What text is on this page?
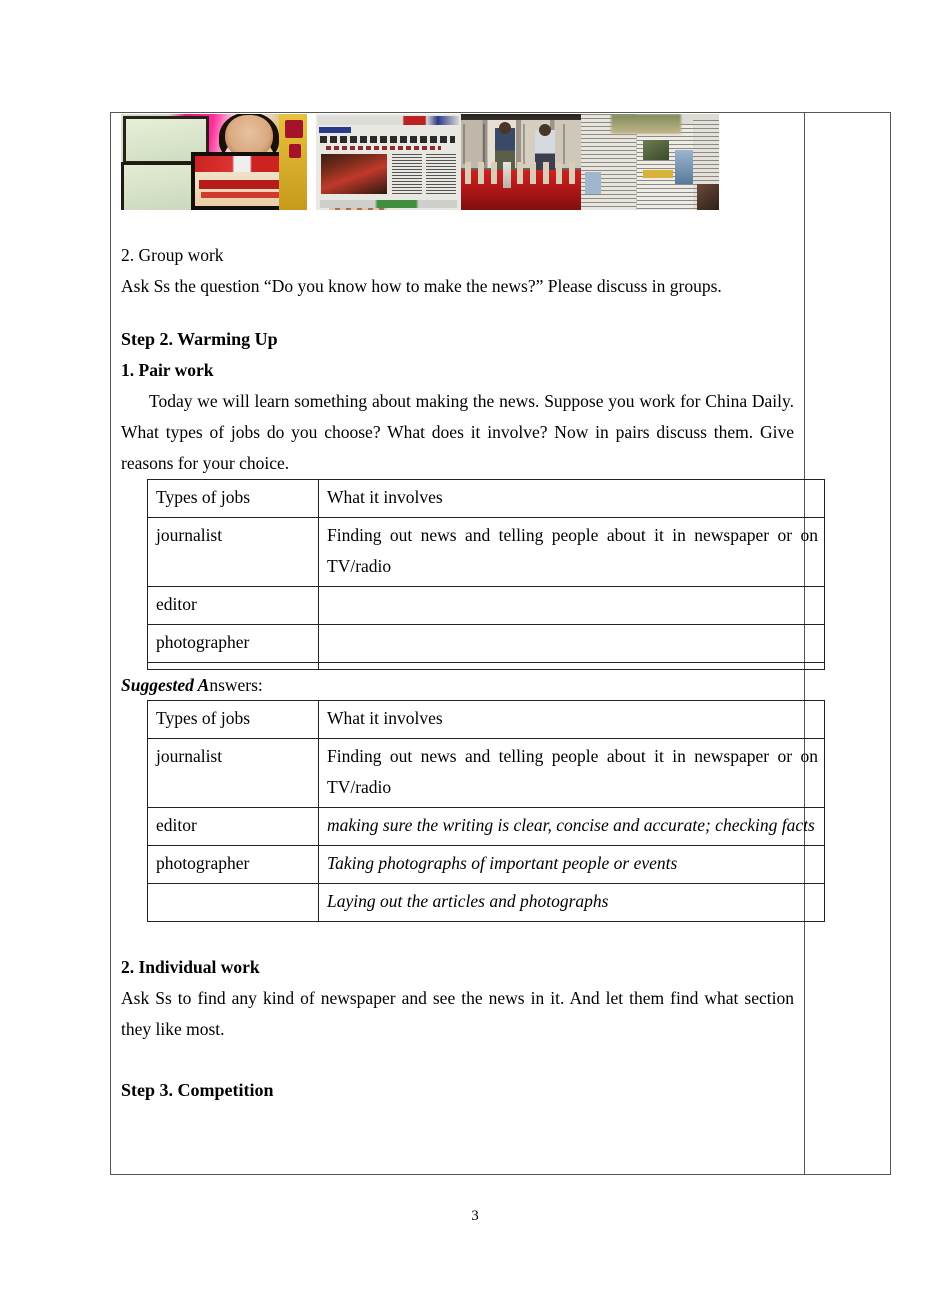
2. Group work

Ask Ss the question “Do you know how to make the news?” Please discuss in groups.

Step 2. Warming Up

1. Pair work

Today we will learn something about making the news. Suppose you work for China Daily. What types of jobs do you choose? What does it involve? Now in pairs discuss them. Give reasons for your choice.

Types of jobs	What it involves
journalist	Finding out news and telling people about it in newspaper or on TV/radio
editor	
photographer	

Suggested Answers:

Types of jobs	What it involves
journalist	Finding out news and telling people about it in newspaper or on TV/radio
editor	making sure the writing is clear, concise and accurate; checking facts
photographer	Taking photographs of important people or events
	Laying out the articles and photographs

2. Individual work

Ask Ss to find any kind of newspaper and see the news in it. And let them find what section they like most.

Step 3. Competition

3
